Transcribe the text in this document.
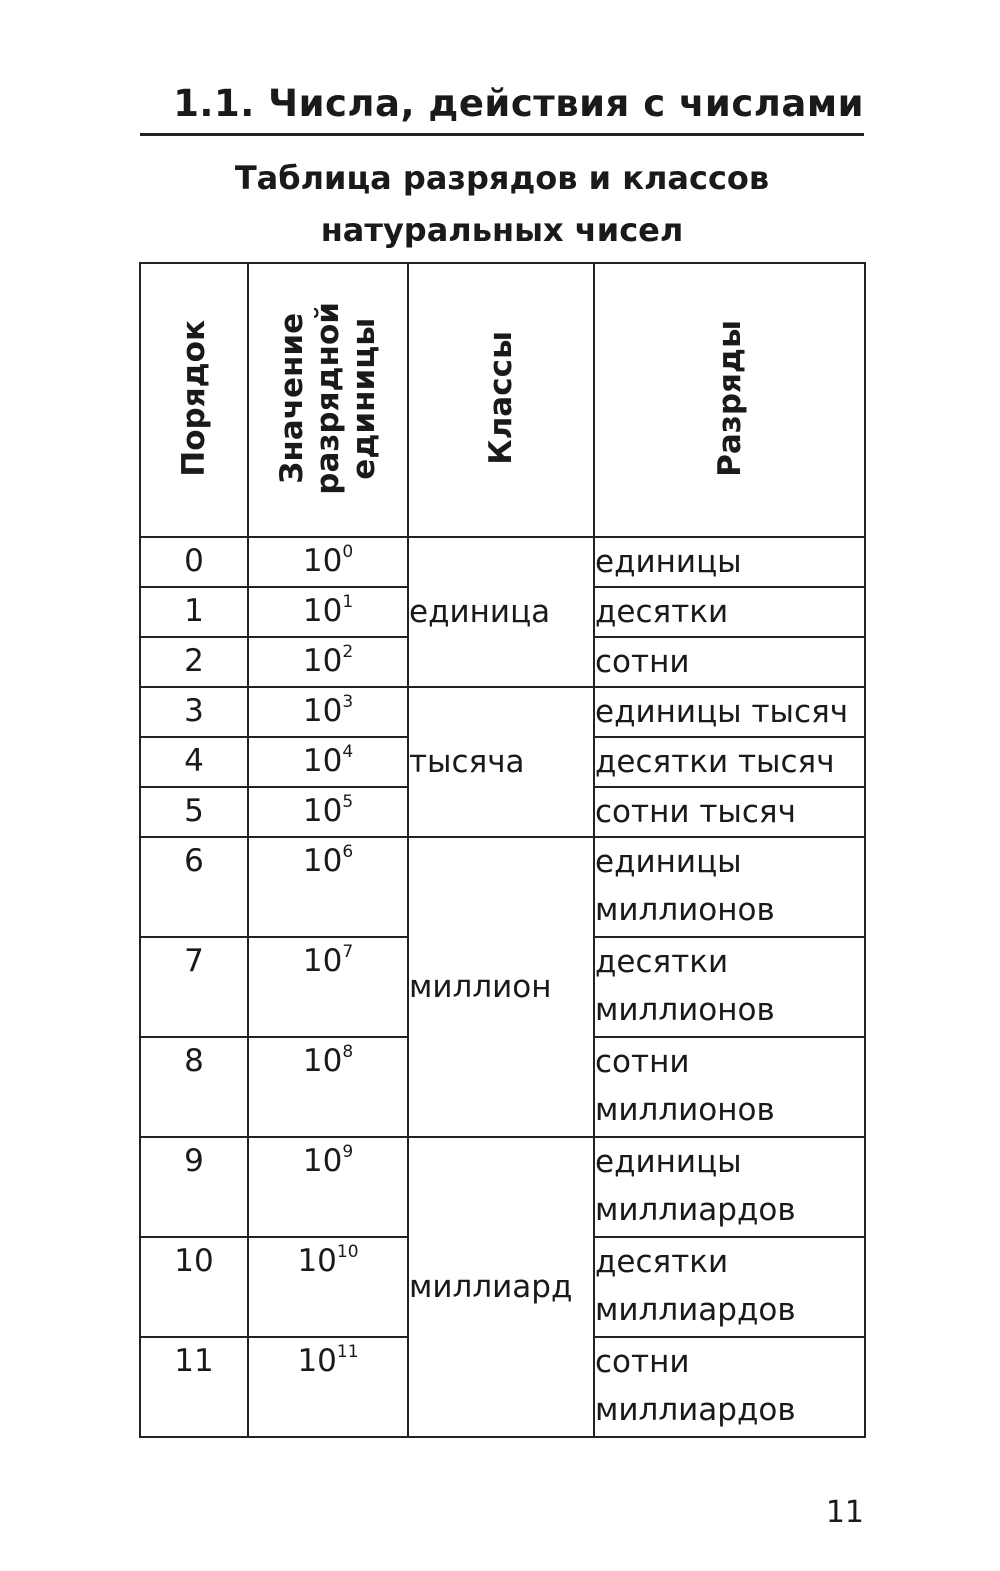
1.1. Числа, действия с числами
Таблица разрядов и классов
натуральных чисел
Порядок	Значение
разрядной
единицы	Классы	Разряды
0	$10^0$	единица	единицы
1	$10^1$		десятки
2	$10^2$		сотни
3	$10^3$	тысяча	единицы тысяч
4	$10^4$		десятки тысяч
5	$10^5$		сотни тысяч
6	$10^6$	миллион	единицы
миллионов
7	$10^7$		десятки
миллионов
8	$10^8$		сотни
миллионов
9	$10^9$	миллиард	единицы
миллиардов
10	$10^{10}$		десятки
миллиардов
11	$10^{11}$		сотни
миллиардов
11
